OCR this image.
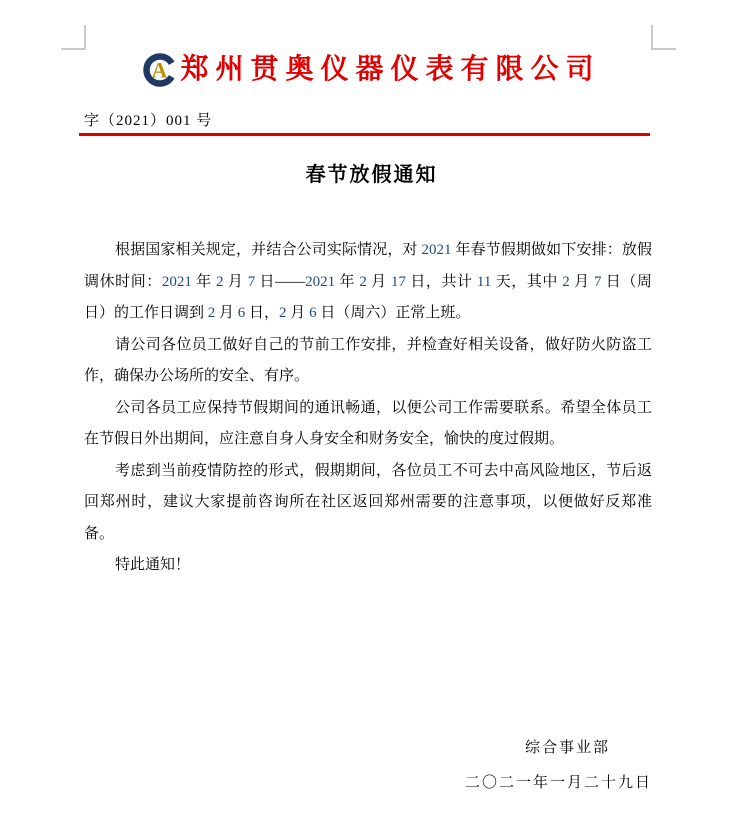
A 郑州贯奥仪器仪表有限公司
字（2021）001 号
春节放假通知

根据国家相关规定，并结合公司实际情况，对 2021 年春节假期做如下安排：放假调休时间：2021 年 2 月 7 日——2021 年 2 月 17 日，共计 11 天，其中 2 月 7 日（周日）的工作日调到 2 月 6 日，2 月 6 日（周六）正常上班。

请公司各位员工做好自己的节前工作安排，并检查好相关设备，做好防火防盗工作，确保办公场所的安全、有序。

公司各员工应保持节假期间的通讯畅通，以便公司工作需要联系。希望全体员工在节假日外出期间，应注意自身人身安全和财务安全，愉快的度过假期。

考虑到当前疫情防控的形式，假期期间，各位员工不可去中高风险地区，节后返回郑州时，建议大家提前咨询所在社区返回郑州需要的注意事项，以便做好反郑准备。

特此通知！

综合事业部
二〇二一年一月二十九日
